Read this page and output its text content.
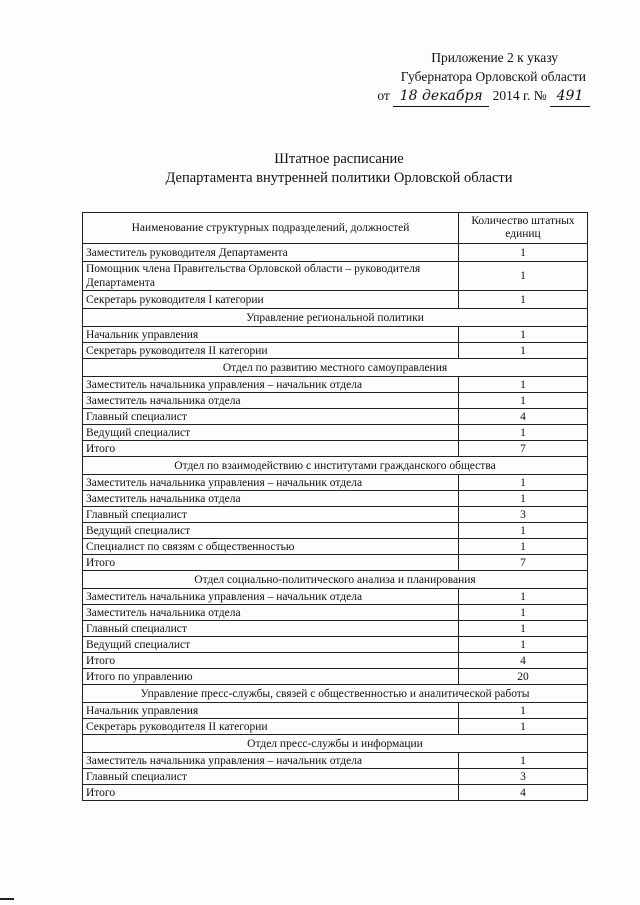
Приложение 2 к указу
Губернатора Орловской области
от 18 декабря 2014 г. № 491
Штатное расписание
Департамента внутренней политики Орловской области
Наименование структурных подразделений, должностей	Количество штатных единиц
Заместитель руководителя Департамента	1
Помощник члена Правительства Орловской области – руководителя Департамента	1
Секретарь руководителя I категории	1
Управление региональной политики	
Начальник управления	1
Секретарь руководителя II категории	1
Отдел по развитию местного самоуправления	
Заместитель начальника управления – начальник отдела	1
Заместитель начальника отдела	1
Главный специалист	4
Ведущий специалист	1
Итого	7
Отдел по взаимодействию с институтами гражданского общества	
Заместитель начальника управления – начальник отдела	1
Заместитель начальника отдела	1
Главный специалист	3
Ведущий специалист	1
Специалист по связям с общественностью	1
Итого	7
Отдел социально-политического анализа и планирования	
Заместитель начальника управления – начальник отдела	1
Заместитель начальника отдела	1
Главный специалист	1
Ведущий специалист	1
Итого	4
Итого по управлению	20
Управление пресс-службы, связей с общественностью и аналитической работы	
Начальник управления	1
Секретарь руководителя II категории	1
Отдел пресс-службы и информации	
Заместитель начальника управления – начальник отдела	1
Главный специалист	3
Итого	4
